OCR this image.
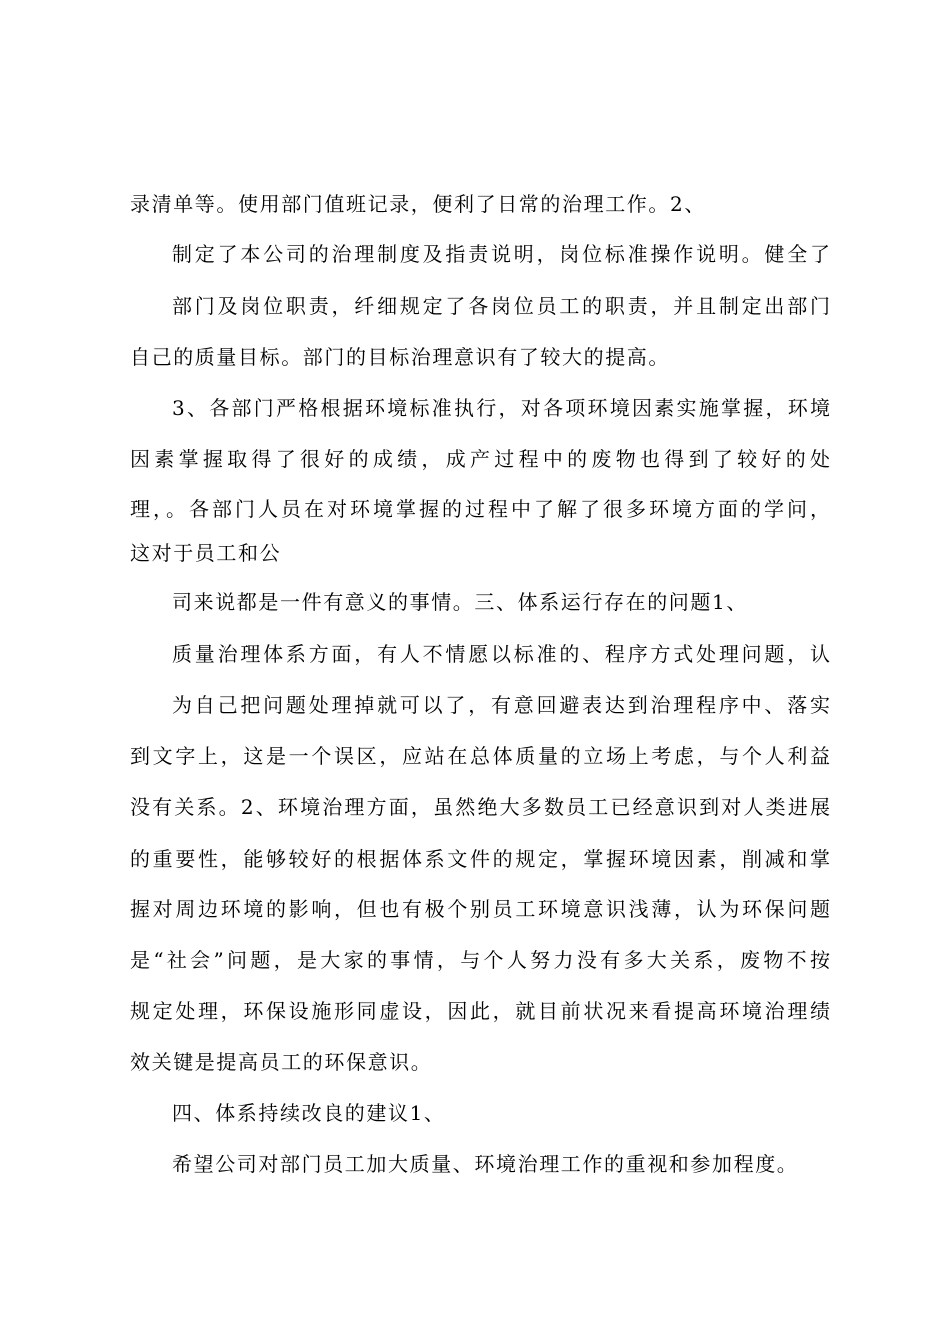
录清单等。使用部门值班记录，便利了日常的治理工作。2、
制定了本公司的治理制度及指责说明，岗位标准操作说明。健全了
部门及岗位职责，纤细规定了各岗位员工的职责，并且制定出部门
自己的质量目标。部门的目标治理意识有了较大的提高。
3、各部门严格根据环境标准执行，对各项环境因素实施掌握，环境
因素掌握取得了很好的成绩，成产过程中的废物也得到了较好的处
理，。各部门人员在对环境掌握的过程中了解了很多环境方面的学问，
这对于员工和公
司来说都是一件有意义的事情。三、体系运行存在的问题1、
质量治理体系方面，有人不情愿以标准的、程序方式处理问题，认
为自己把问题处理掉就可以了，有意回避表达到治理程序中、落实
到文字上，这是一个误区，应站在总体质量的立场上考虑，与个人利益
没有关系。2、环境治理方面，虽然绝大多数员工已经意识到对人类进展
的重要性，能够较好的根据体系文件的规定，掌握环境因素，削减和掌
握对周边环境的影响，但也有极个别员工环境意识浅薄，认为环保问题
是“社会”问题，是大家的事情，与个人努力没有多大关系，废物不按
规定处理，环保设施形同虚设，因此，就目前状况来看提高环境治理绩
效关键是提高员工的环保意识。
四、体系持续改良的建议1、
希望公司对部门员工加大质量、环境治理工作的重视和参加程度。
